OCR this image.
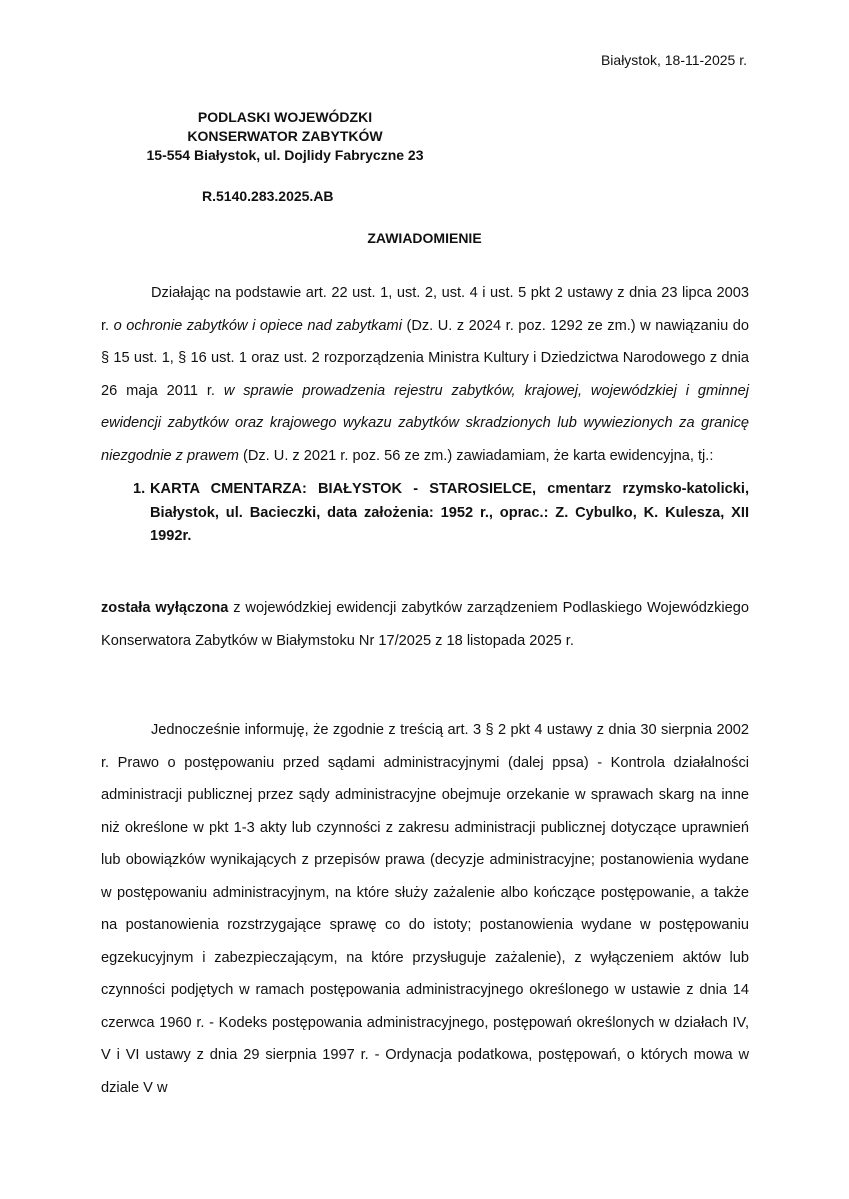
Białystok, 18-11-2025 r.
PODLASKI WOJEWÓDZKI
KONSERWATOR ZABYTKÓW
15-554 Białystok, ul. Dojlidy Fabryczne 23
R.5140.283.2025.AB
ZAWIADOMIENIE

Działając na podstawie art. 22 ust. 1, ust. 2, ust. 4 i ust. 5 pkt 2 ustawy z dnia 23 lipca 2003 r. o ochronie zabytków i opiece nad zabytkami (Dz. U. z 2024 r. poz. 1292 ze zm.) w nawiązaniu do § 15 ust. 1, § 16 ust. 1 oraz ust. 2 rozporządzenia Ministra Kultury i Dziedzictwa Narodowego z dnia 26 maja 2011 r. w sprawie prowadzenia rejestru zabytków, krajowej, wojewódzkiej i gminnej ewidencji zabytków oraz krajowego wykazu zabytków skradzionych lub wywiezionych za granicę niezgodnie z prawem (Dz. U. z 2021 r. poz. 56 ze zm.) zawiadamiam, że karta ewidencyjna, tj.:

1. KARTA CMENTARZA: BIAŁYSTOK - STAROSIELCE, cmentarz rzymsko-katolicki, Białystok, ul. Bacieczki, data założenia: 1952 r., oprac.: Z. Cybulko, K. Kulesza, XII 1992r.

została wyłączona z wojewódzkiej ewidencji zabytków zarządzeniem Podlaskiego Wojewódzkiego Konserwatora Zabytków w Białymstoku Nr 17/2025 z 18 listopada 2025 r.

Jednocześnie informuję, że zgodnie z treścią art. 3 § 2 pkt 4 ustawy z dnia 30 sierpnia 2002 r. Prawo o postępowaniu przed sądami administracyjnymi (dalej ppsa) - Kontrola działalności administracji publicznej przez sądy administracyjne obejmuje orzekanie w sprawach skarg na inne niż określone w pkt 1-3 akty lub czynności z zakresu administracji publicznej dotyczące uprawnień lub obowiązków wynikających z przepisów prawa (decyzje administracyjne; postanowienia wydane w postępowaniu administracyjnym, na które służy zażalenie albo kończące postępowanie, a także na postanowienia rozstrzygające sprawę co do istoty; postanowienia wydane w postępowaniu egzekucyjnym i zabezpieczającym, na które przysługuje zażalenie), z wyłączeniem aktów lub czynności podjętych w ramach postępowania administracyjnego określonego w ustawie z dnia 14 czerwca 1960 r. - Kodeks postępowania administracyjnego, postępowań określonych w działach IV, V i VI ustawy z dnia 29 sierpnia 1997 r. - Ordynacja podatkowa, postępowań, o których mowa w dziale V w
